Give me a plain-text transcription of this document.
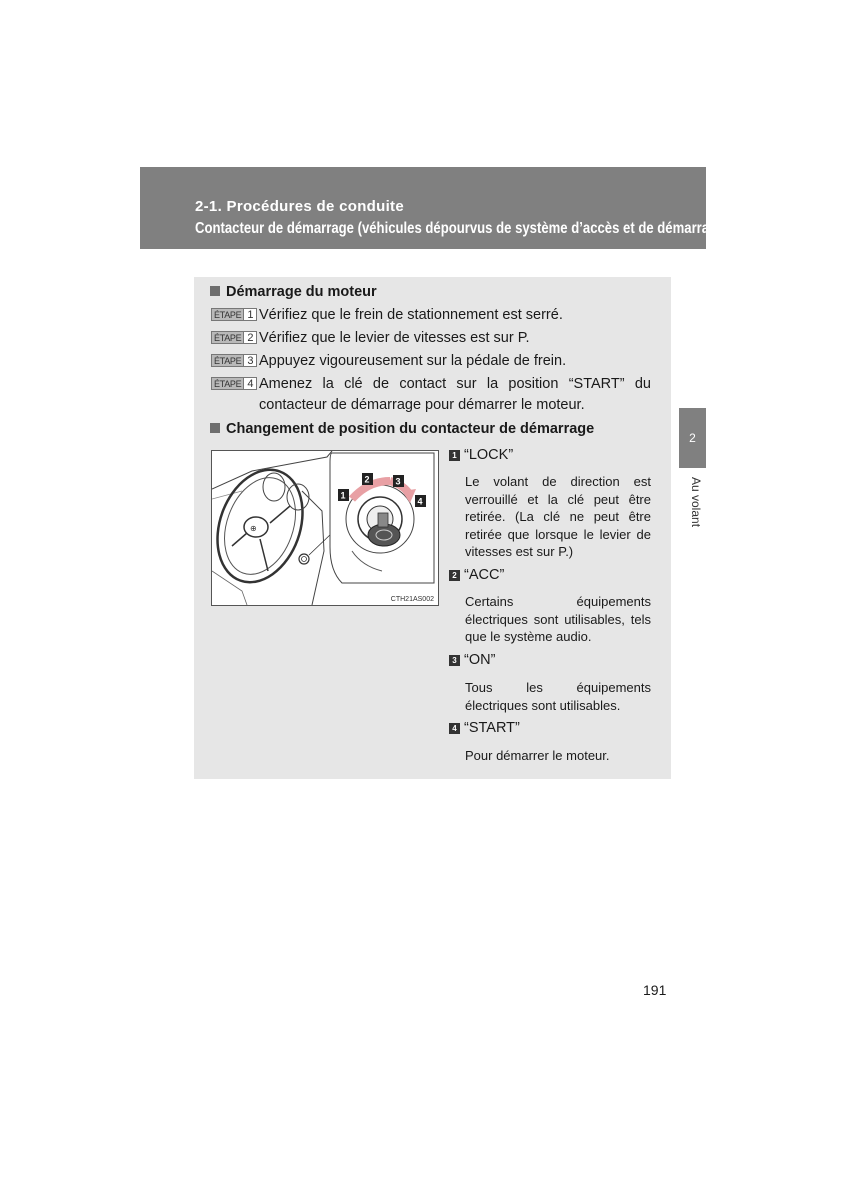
2-1. Procédures de conduite
Contacteur de démarrage (véhicules dépourvus de système d’accès et de démarrage “mains libres”)
2
Au volant
Démarrage du moteur
ÉTAPE 1 Vérifiez que le frein de stationnement est serré.
ÉTAPE 2 Vérifiez que le levier de vitesses est sur P.
ÉTAPE 3 Appuyez vigoureusement sur la pédale de frein.
ÉTAPE 4 Amenez la clé de contact sur la position “START” du contacteur de démarrage pour démarrer le moteur.
Changement de position du contacteur de démarrage
⊕
1
2	3
4
CTH21AS002
1 “LOCK”
Le volant de direction est verrouillé et la clé peut être retirée. (La clé ne peut être retirée que lorsque le levier de vitesses est sur P.)
2 “ACC”
Certains équipements électriques sont utilisables, tels que le système audio.
3 “ON”
Tous les équipements électriques sont utilisables.
4 “START”
Pour démarrer le moteur.
191
